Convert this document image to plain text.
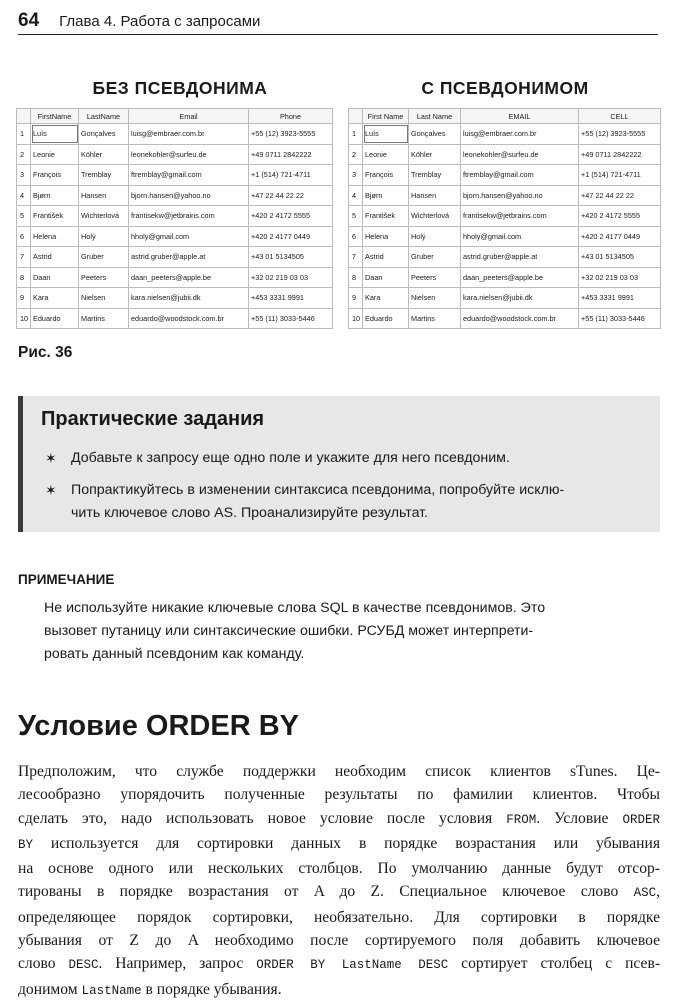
64 Глава 4. Работа с запросами
БЕЗ ПСЕВДОНИМА	С ПСЕВДОНИМОМ
	FirstName	LastName	Email	Phone
1	Luís	Gonçalves	luisg@embraer.com.br	+55 (12) 3923-5555
2	Leonie	Köhler	leonekohler@surfeu.de	+49 0711 2842222
3	François	Tremblay	ftremblay@gmail.com	+1 (514) 721-4711
4	Bjørn	Hansen	bjorn.hansen@yahoo.no	+47 22 44 22 22
5	František	Wichterlová	frantisekw@jetbrains.com	+420 2 4172 5555
6	Helena	Holý	hholy@gmail.com	+420 2 4177 0449
7	Astrid	Gruber	astrid.gruber@apple.at	+43 01 5134505
8	Daan	Peeters	daan_peeters@apple.be	+32 02 219 03 03
9	Kara	Nielsen	kara.nielsen@jubii.dk	+453 3331 9991
10	Eduardo	Martins	eduardo@woodstock.com.br	+55 (11) 3033-5446
	First Name	Last Name	EMAIL	CELL
1	Luís	Gonçalves	luisg@embraer.com.br	+55 (12) 3923-5555
2	Leonie	Köhler	leonekohler@surfeu.de	+49 0711 2842222
3	François	Tremblay	ftremblay@gmail.com	+1 (514) 721-4711
4	Bjørn	Hansen	bjorn.hansen@yahoo.no	+47 22 44 22 22
5	František	Wichterlová	frantisekw@jetbrains.com	+420 2 4172 5555
6	Helena	Holý	hholy@gmail.com	+420 2 4177 0449
7	Astrid	Gruber	astrid.gruber@apple.at	+43 01 5134505
8	Daan	Peeters	daan_peeters@apple.be	+32 02 219 03 03
9	Kara	Nielsen	kara.nielsen@jubii.dk	+453 3331 9991
10	Eduardo	Martins	eduardo@woodstock.com.br	+55 (11) 3033-5446
Рис. 36
Практические задания
✶	Добавьте к запросу еще одно поле и укажите для него псевдоним.
✶	Попрактикуйтесь в изменении синтаксиса псевдонима, попробуйте исклю-
чить ключевое слово AS. Проанализируйте результат.
ПРИМЕЧАНИЕ
Не используйте никакие ключевые слова SQL в качестве псевдонимов. Это
вызовет путаницу или синтаксические ошибки. РСУБД может интерпрети-
ровать данный псевдоним как команду.
Условие ORDER BY
Предположим, что службе поддержки необходим список клиентов sTunes. Це-
лесообразно упорядочить полученные результаты по фамилии клиентов. Чтобы
сделать это, надо использовать новое условие после условия FROM. Условие ORDER
BY используется для сортировки данных в порядке возрастания или убывания
на основе одного или нескольких столбцов. По умолчанию данные будут отсор-
тированы в порядке возрастания от A до Z. Специальное ключевое слово ASC,
определяющее порядок сортировки, необязательно. Для сортировки в порядке
убывания от Z до A необходимо после сортируемого поля добавить ключевое
слово DESC. Например, запрос ORDER BY LastName DESC сортирует столбец с псев-
донимом LastName в порядке убывания.
